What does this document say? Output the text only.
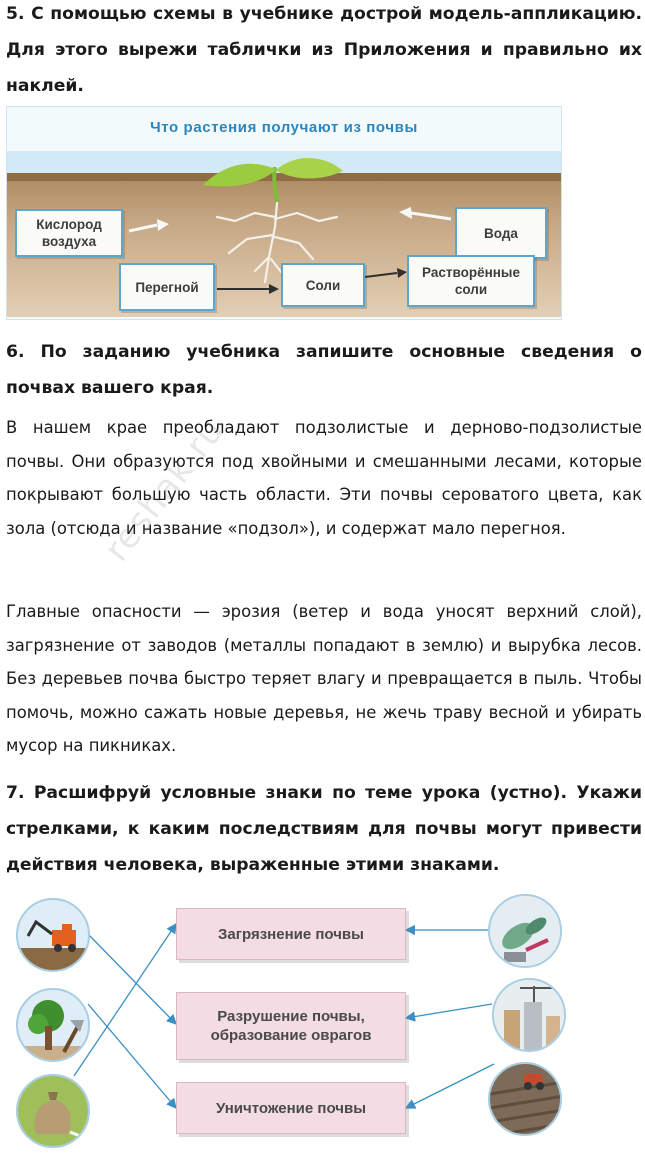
5. С помощью схемы в учебнике дострой модель-аппликацию. Для этого вырежи таблички из Приложения и правильно их наклей.

Что растения получают из почвы
Кислород воздуха
Вода
Перегной	Соли
Растворённые соли

6. По заданию учебника запишите основные сведения о почвах вашего края.

В нашем крае преобладают подзолистые и дерново-подзолистые почвы. Они образуются под хвойными и смешанными лесами, которые покрывают большую часть области. Эти почвы сероватого цвета, как зола (отсюда и название «подзол»), и содержат мало перегноя.

Главные опасности — эрозия (ветер и вода уносят верхний слой), загрязнение от заводов (металлы попадают в землю) и вырубка лесов. Без деревьев почва быстро теряет влагу и превращается в пыль. Чтобы помочь, можно сажать новые деревья, не жечь траву весной и убирать мусор на пикниках.

reshak.ru

7. Расшифруй условные знаки по теме урока (устно). Укажи стрелками, к каким последствиям для почвы могут привести действия человека, выраженные этими знаками.

Загрязнение почвы
Разрушение почвы, образование оврагов
Уничтожение почвы
